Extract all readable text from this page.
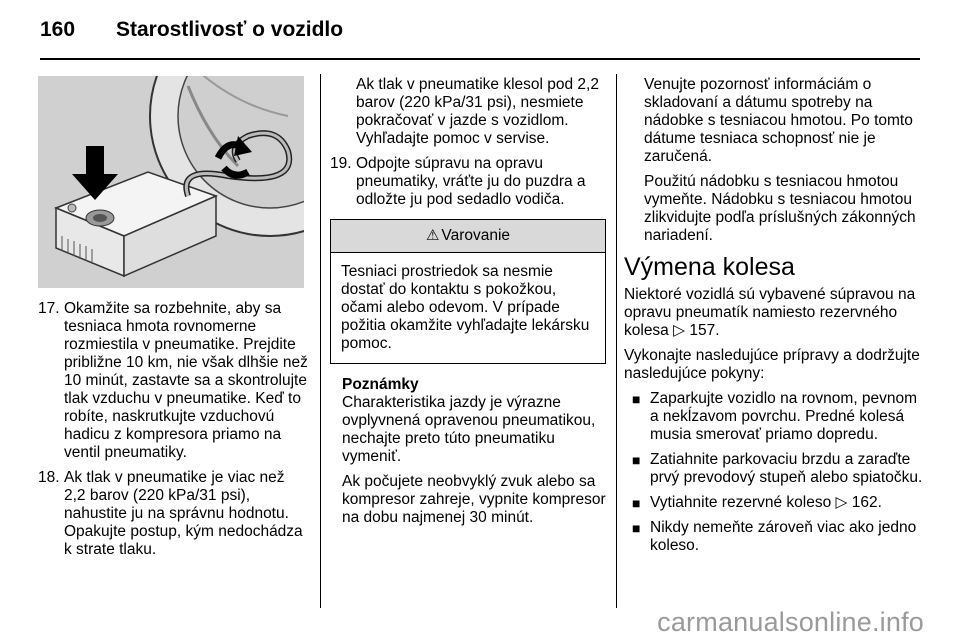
160	Starostlivosť o vozidlo
17. Okamžite sa rozbehnite, aby sa tesniaca hmota rovnomerne rozmiestila v pneumatike. Prejdite približne 10 km, nie však dlhšie než 10 minút, zastavte sa a skontrolujte tlak vzduchu v pneumatike. Keď to robíte, naskrutkujte vzduchovú hadicu z kompresora priamo na ventil pneumatiky.
18. Ak tlak v pneumatike je viac než 2,2 barov (220 kPa/31 psi), nahustite ju na správnu hodnotu. Opakujte postup, kým nedochádza k strate tlaku.
Ak tlak v pneumatike klesol pod 2,2 barov (220 kPa/31 psi), nesmiete pokračovať v jazde s vozidlom. Vyhľadajte pomoc v servise.
19. Odpojte súpravu na opravu pneumatiky, vráťte ju do puzdra a odložte ju pod sedadlo vodiča.
⚠ Varovanie
Tesniaci prostriedok sa nesmie dostať do kontaktu s pokožkou, očami alebo odevom. V prípade požitia okamžite vyhľadajte lekársku pomoc.
Poznámky

Charakteristika jazdy je výrazne ovplyvnená opravenou pneumatikou, nechajte preto túto pneumatiku vymeniť.

Ak počujete neobvyklý zvuk alebo sa kompresor zahreje, vypnite kompresor na dobu najmenej 30 minút.

Venujte pozornosť informáciám o skladovaní a dátumu spotreby na nádobke s tesniacou hmotou. Po tomto dátume tesniaca schopnosť nie je zaručená.

Použitú nádobku s tesniacou hmotou vymeňte. Nádobku s tesniacou hmotou zlikvidujte podľa príslušných zákonných nariadení.

Výmena kolesa

Niektoré vozidlá sú vybavené súpravou na opravu pneumatík namiesto rezervného kolesa ▷ 157.

Vykonajte nasledujúce prípravy a dodržujte nasledujúce pokyny:

■ Zaparkujte vozidlo na rovnom, pevnom a nekĺzavom povrchu. Predné kolesá musia smerovať priamo dopredu.
■ Zatiahnite parkovaciu brzdu a zaraďte prvý prevodový stupeň alebo spiatočku.
■ Vytiahnite rezervné koleso ▷ 162.
■ Nikdy nemeňte zároveň viac ako jedno koleso.
carmanualsonline.info
